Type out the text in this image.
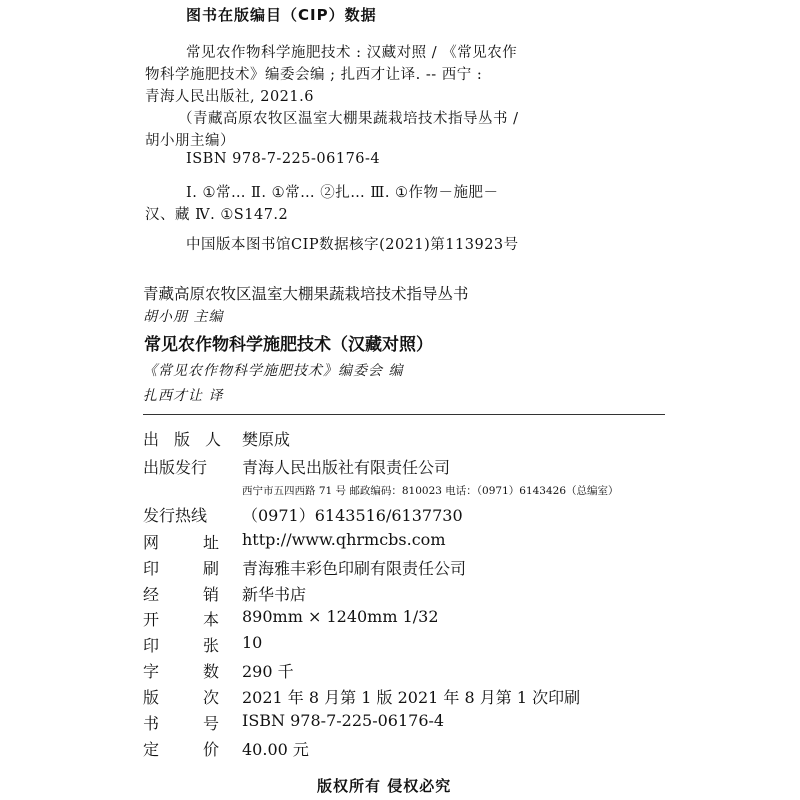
图书在版编目（CIP）数据
常见农作物科学施肥技术 : 汉藏对照 / 《常见农作
物科学施肥技术》编委会编 ; 扎西才让译. -- 西宁 :
青海人民出版社, 2021.6
（青藏高原农牧区温室大棚果蔬栽培技术指导丛书 /
胡小朋主编）
ISBN 978-7-225-06176-4
Ⅰ. ①常… Ⅱ. ①常… ②扎… Ⅲ. ①作物－施肥－
汉、藏 Ⅳ. ①S147.2
中国版本图书馆CIP数据核字(2021)第113923号
青藏高原农牧区温室大棚果蔬栽培技术指导丛书
胡小朋 主编
常见农作物科学施肥技术（汉藏对照）
《常见农作物科学施肥技术》编委会 编
扎西才让 译
出 版 人 樊原成
出版发行 青海人民出版社有限责任公司
西宁市五四西路 71 号 邮政编码：810023 电话：（0971）6143426（总编室）
发行热线 （0971）6143516/6137730
网	址 http://www.qhrmcbs.com
印	刷 青海雅丰彩色印刷有限责任公司
经	销 新华书店
开	本 890mm × 1240mm 1/32
印	张 10
字	数 290 千
版	次 2021 年 8 月第 1 版 2021 年 8 月第 1 次印刷
书	号 ISBN 978-7-225-06176-4
定	价 40.00 元
版权所有 侵权必究
